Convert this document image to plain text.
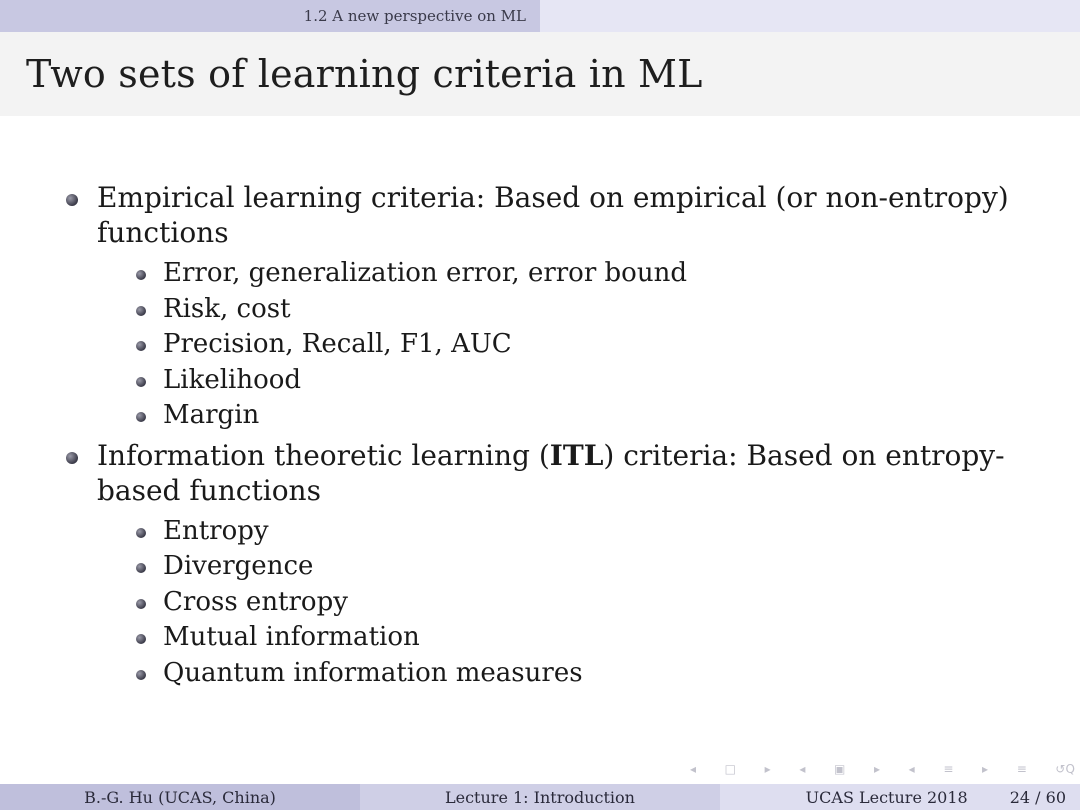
1.2 A new perspective on ML
Two sets of learning criteria in ML
Empirical learning criteria: Based on empirical (or non-entropy) functions
Error, generalization error, error bound
Risk, cost
Precision, Recall, F1, AUC
Likelihood
Margin
Information theoretic learning (ITL) criteria: Based on entropy-based functions
Entropy
Divergence
Cross entropy
Mutual information
Quantum information measures
◂ □ ▸ ◂ ▣ ▸ ◂ ≡ ▸ ≡ ↺Q
B.-G. Hu (UCAS, China)	Lecture 1: Introduction	UCAS Lecture 2018	24 / 60
